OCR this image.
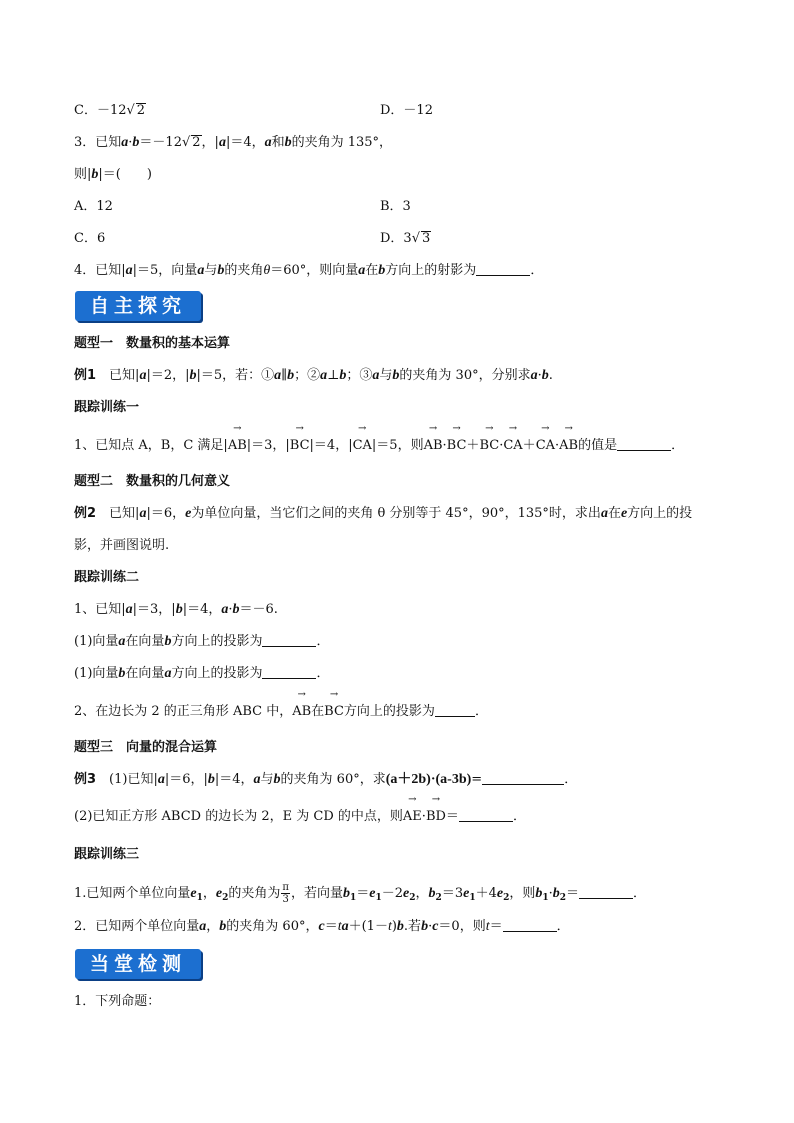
C．－12√ 2	D．－12
3．已知a·b＝－12√ 2，|a|＝4，a和b的夹角为 135°，
则|b|＝(　　)
A．12	B．3
C．6	D．3√ 3
4．已知|a|＝5，向量a与b的夹角θ＝60°，则向量a在b方向上的射影为	．
自主探究
题型一　数量积的基本运算
例1　已知|a|＝2，|b|＝5，若：①a∥b；②a⊥b；③a与b的夹角为 30°，分别求a·b.
跟踪训练一
1、已知点 A，B，C 满足|→ AB|＝3，|→ BC|＝4，|→ CA|＝5，则→ AB·→ BC＋→ BC·→ CA＋→ CA·→ AB的值是	．
题型二　数量积的几何意义
例2　已知|a|＝6，e为单位向量，当它们之间的夹角 θ 分别等于 45°，90°，135°时，求出a在e方向上的投
影，并画图说明.
跟踪训练二
1、已知|a|＝3，|b|＝4，a·b＝－6.
(1)向量a在向量b方向上的投影为	．
(1)向量b在向量a方向上的投影为	．
2、在边长为 2 的正三角形 ABC 中，→ AB在→ BC方向上的投影为	．
题型三　向量的混合运算
例3　(1)已知|a|＝6，|b|＝4，a与b的夹角为 60°，求(a＋2b)·(a-3b)=	．
(2)已知正方形 ABCD 的边长为 2，E 为 CD 的中点，则→ AE·→ BD＝	．
跟踪训练三
1.已知两个单位向量$e_1$，$e_2$的夹角为 $\frac{\pi}{3}$ ，若向量$b_1=e_1-2e_2$，$b_2=3e_1+4e_2$，则$b_1\cdot b_2=$	．
2．已知两个单位向量a，b的夹角为 60°，c＝ta＋(1－t)b.若b·c＝0，则t＝	．
当堂检测
1．下列命题：
